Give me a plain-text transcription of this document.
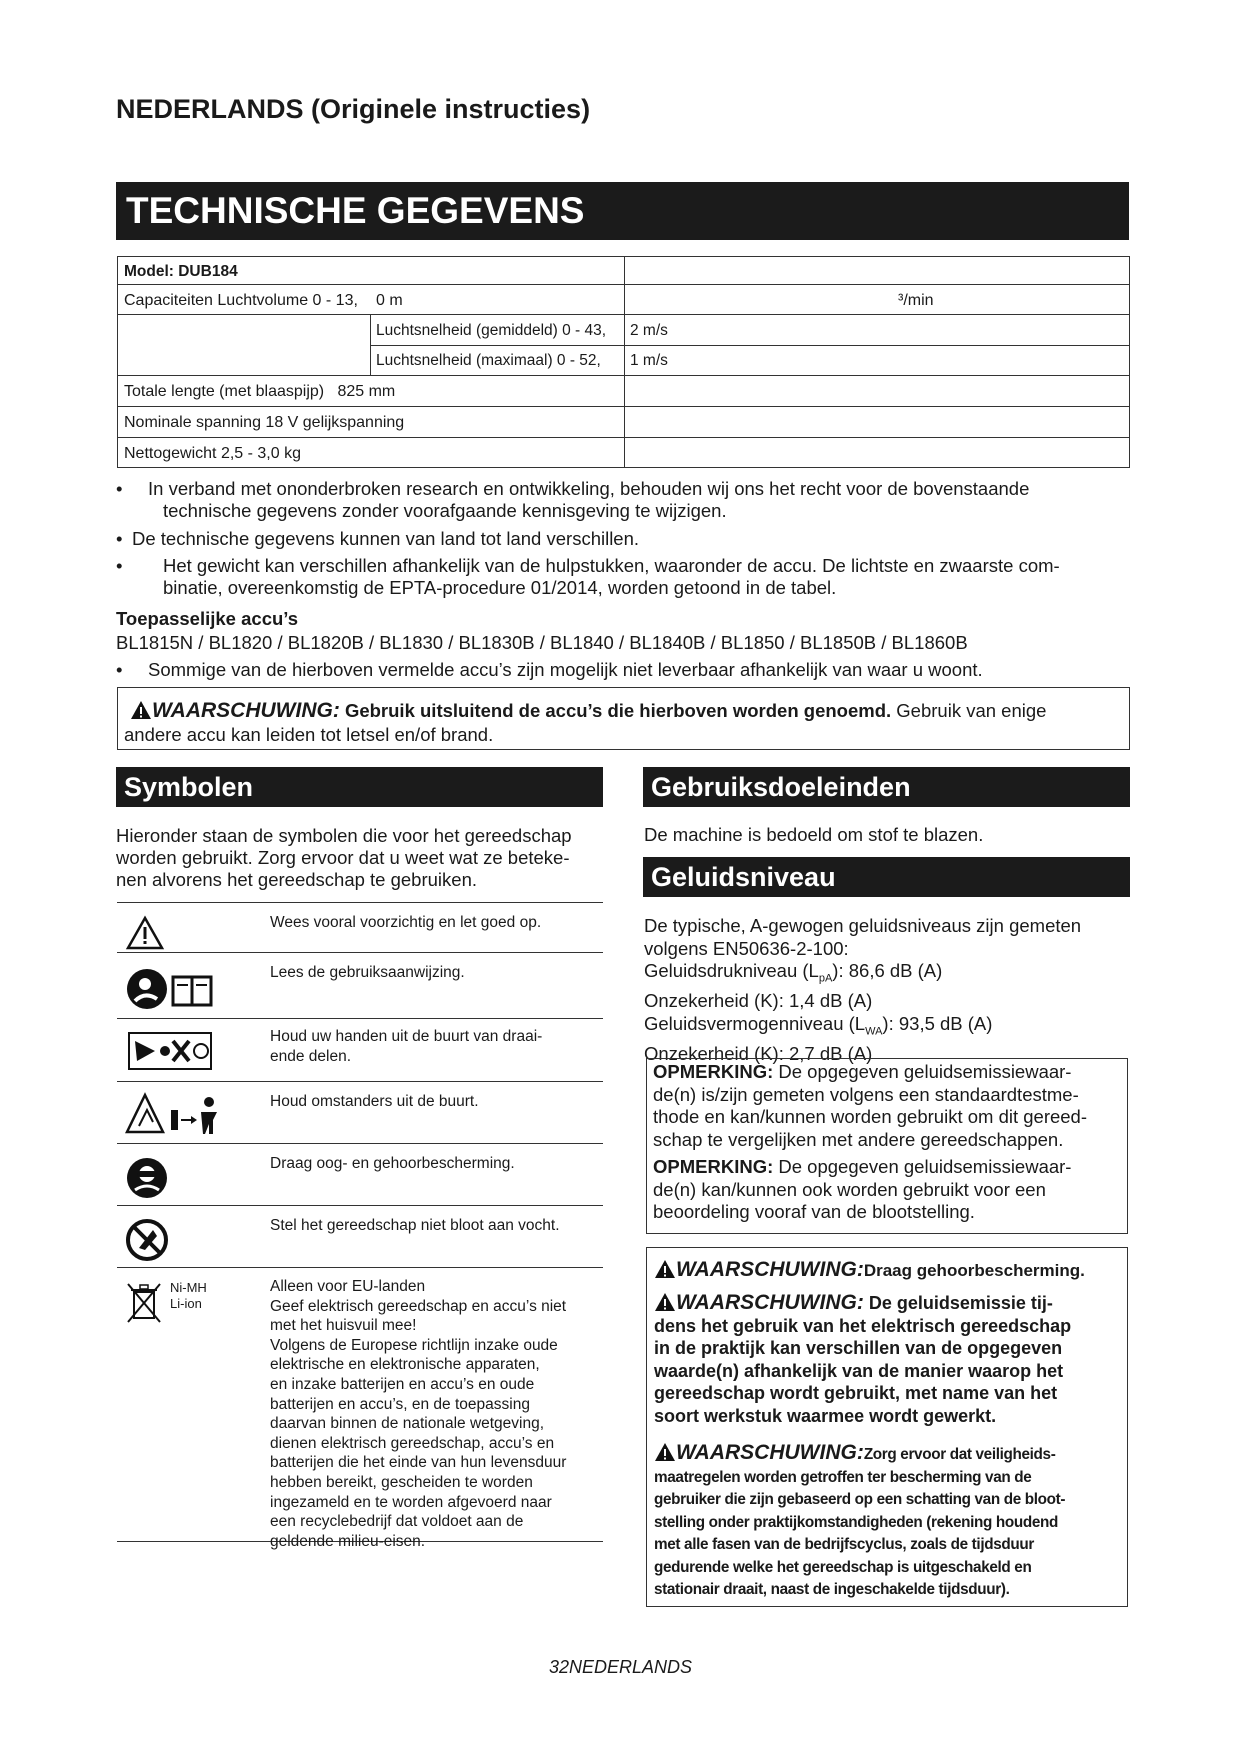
NEDERLANDS (Originele instructies)
TECHNISCHE GEGEVENS
Model: DUB184
Capaciteiten Luchtvolume 0 - 13, 0 m	³/min
Luchtsnelheid (gemiddeld) 0 - 43, 2 m/s
Luchtsnelheid (maximaal) 0 - 52, 1 m/s
Totale lengte (met blaaspijp)   825 mm
Nominale spanning 18 V gelijkspanning
Nettogewicht 2,5 - 3,0 kg
• In verband met ononderbroken research en ontwikkeling, behouden wij ons het recht voor de bovenstaande
technische gegevens zonder voorafgaande kennisgeving te wijzigen.
• De technische gegevens kunnen van land tot land verschillen.
• Het gewicht kan verschillen afhankelijk van de hulpstukken, waaronder de accu. De lichtste en zwaarste com-
binatie, overeenkomstig de EPTA-procedure 01/2014, worden getoond in de tabel.
Toepasselijke accu’s
BL1815N / BL1820 / BL1820B / BL1830 / BL1830B / BL1840 / BL1840B / BL1850 / BL1850B / BL1860B
• Sommige van de hierboven vermelde accu’s zijn mogelijk niet leverbaar afhankelijk van waar u woont.
WAARSCHUWING: Gebruik uitsluitend de accu’s die hierboven worden genoemd. Gebruik van enige
andere accu kan leiden tot letsel en/of brand.
Symbolen
Hieronder staan de symbolen die voor het gereedschap
worden gebruikt. Zorg ervoor dat u weet wat ze beteke-
nen alvorens het gereedschap te gebruiken.
Wees vooral voorzichtig en let goed op.
Lees de gebruiksaanwijzing.
Houd uw handen uit de buurt van draai-
ende delen.
Houd omstanders uit de buurt.
Draag oog- en gehoorbescherming.
Stel het gereedschap niet bloot aan vocht.
Ni-MH
Li-ion
Alleen voor EU-landen
Geef elektrisch gereedschap en accu’s niet
met het huisvuil mee!
Volgens de Europese richtlijn inzake oude
elektrische en elektronische apparaten,
en inzake batterijen en accu’s en oude
batterijen en accu’s, en de toepassing
daarvan binnen de nationale wetgeving,
dienen elektrisch gereedschap, accu’s en
batterijen die het einde van hun levensduur
hebben bereikt, gescheiden te worden
ingezameld en te worden afgevoerd naar
een recyclebedrijf dat voldoet aan de
geldende milieu-eisen.
Gebruiksdoeleinden
De machine is bedoeld om stof te blazen.
Geluidsniveau
De typische, A-gewogen geluidsniveaus zijn gemeten
volgens EN50636-2-100:
Geluidsdrukniveau $(L_{pA})$: 86,6 dB (A)
Onzekerheid (K): 1,4 dB (A)
Geluidsvermogenniveau $(L_{WA})$: 93,5 dB (A)
Onzekerheid (K): 2,7 dB (A)
OPMERKING: De opgegeven geluidsemissiewaar-
de(n) is/zijn gemeten volgens een standaardtestme-
thode en kan/kunnen worden gebruikt om dit gereed-
schap te vergelijken met andere gereedschappen.
OPMERKING: De opgegeven geluidsemissiewaar-
de(n) kan/kunnen ook worden gebruikt voor een
beoordeling vooraf van de blootstelling.
WAARSCHUWING:Draag gehoorbescherming.
WAARSCHUWING: De geluidsemissie tij-
dens het gebruik van het elektrisch gereedschap
in de praktijk kan verschillen van de opgegeven
waarde(n) afhankelijk van de manier waarop het
gereedschap wordt gebruikt, met name van het
soort werkstuk waarmee wordt gewerkt.
WAARSCHUWING:Zorg ervoor dat veiligheids-
maatregelen worden getroffen ter bescherming van de
gebruiker die zijn gebaseerd op een schatting van de bloot-
stelling onder praktijkomstandigheden (rekening houdend
met alle fasen van de bedrijfscyclus, zoals de tijdsduur
gedurende welke het gereedschap is uitgeschakeld en
stationair draait, naast de ingeschakelde tijdsduur).
32NEDERLANDS
